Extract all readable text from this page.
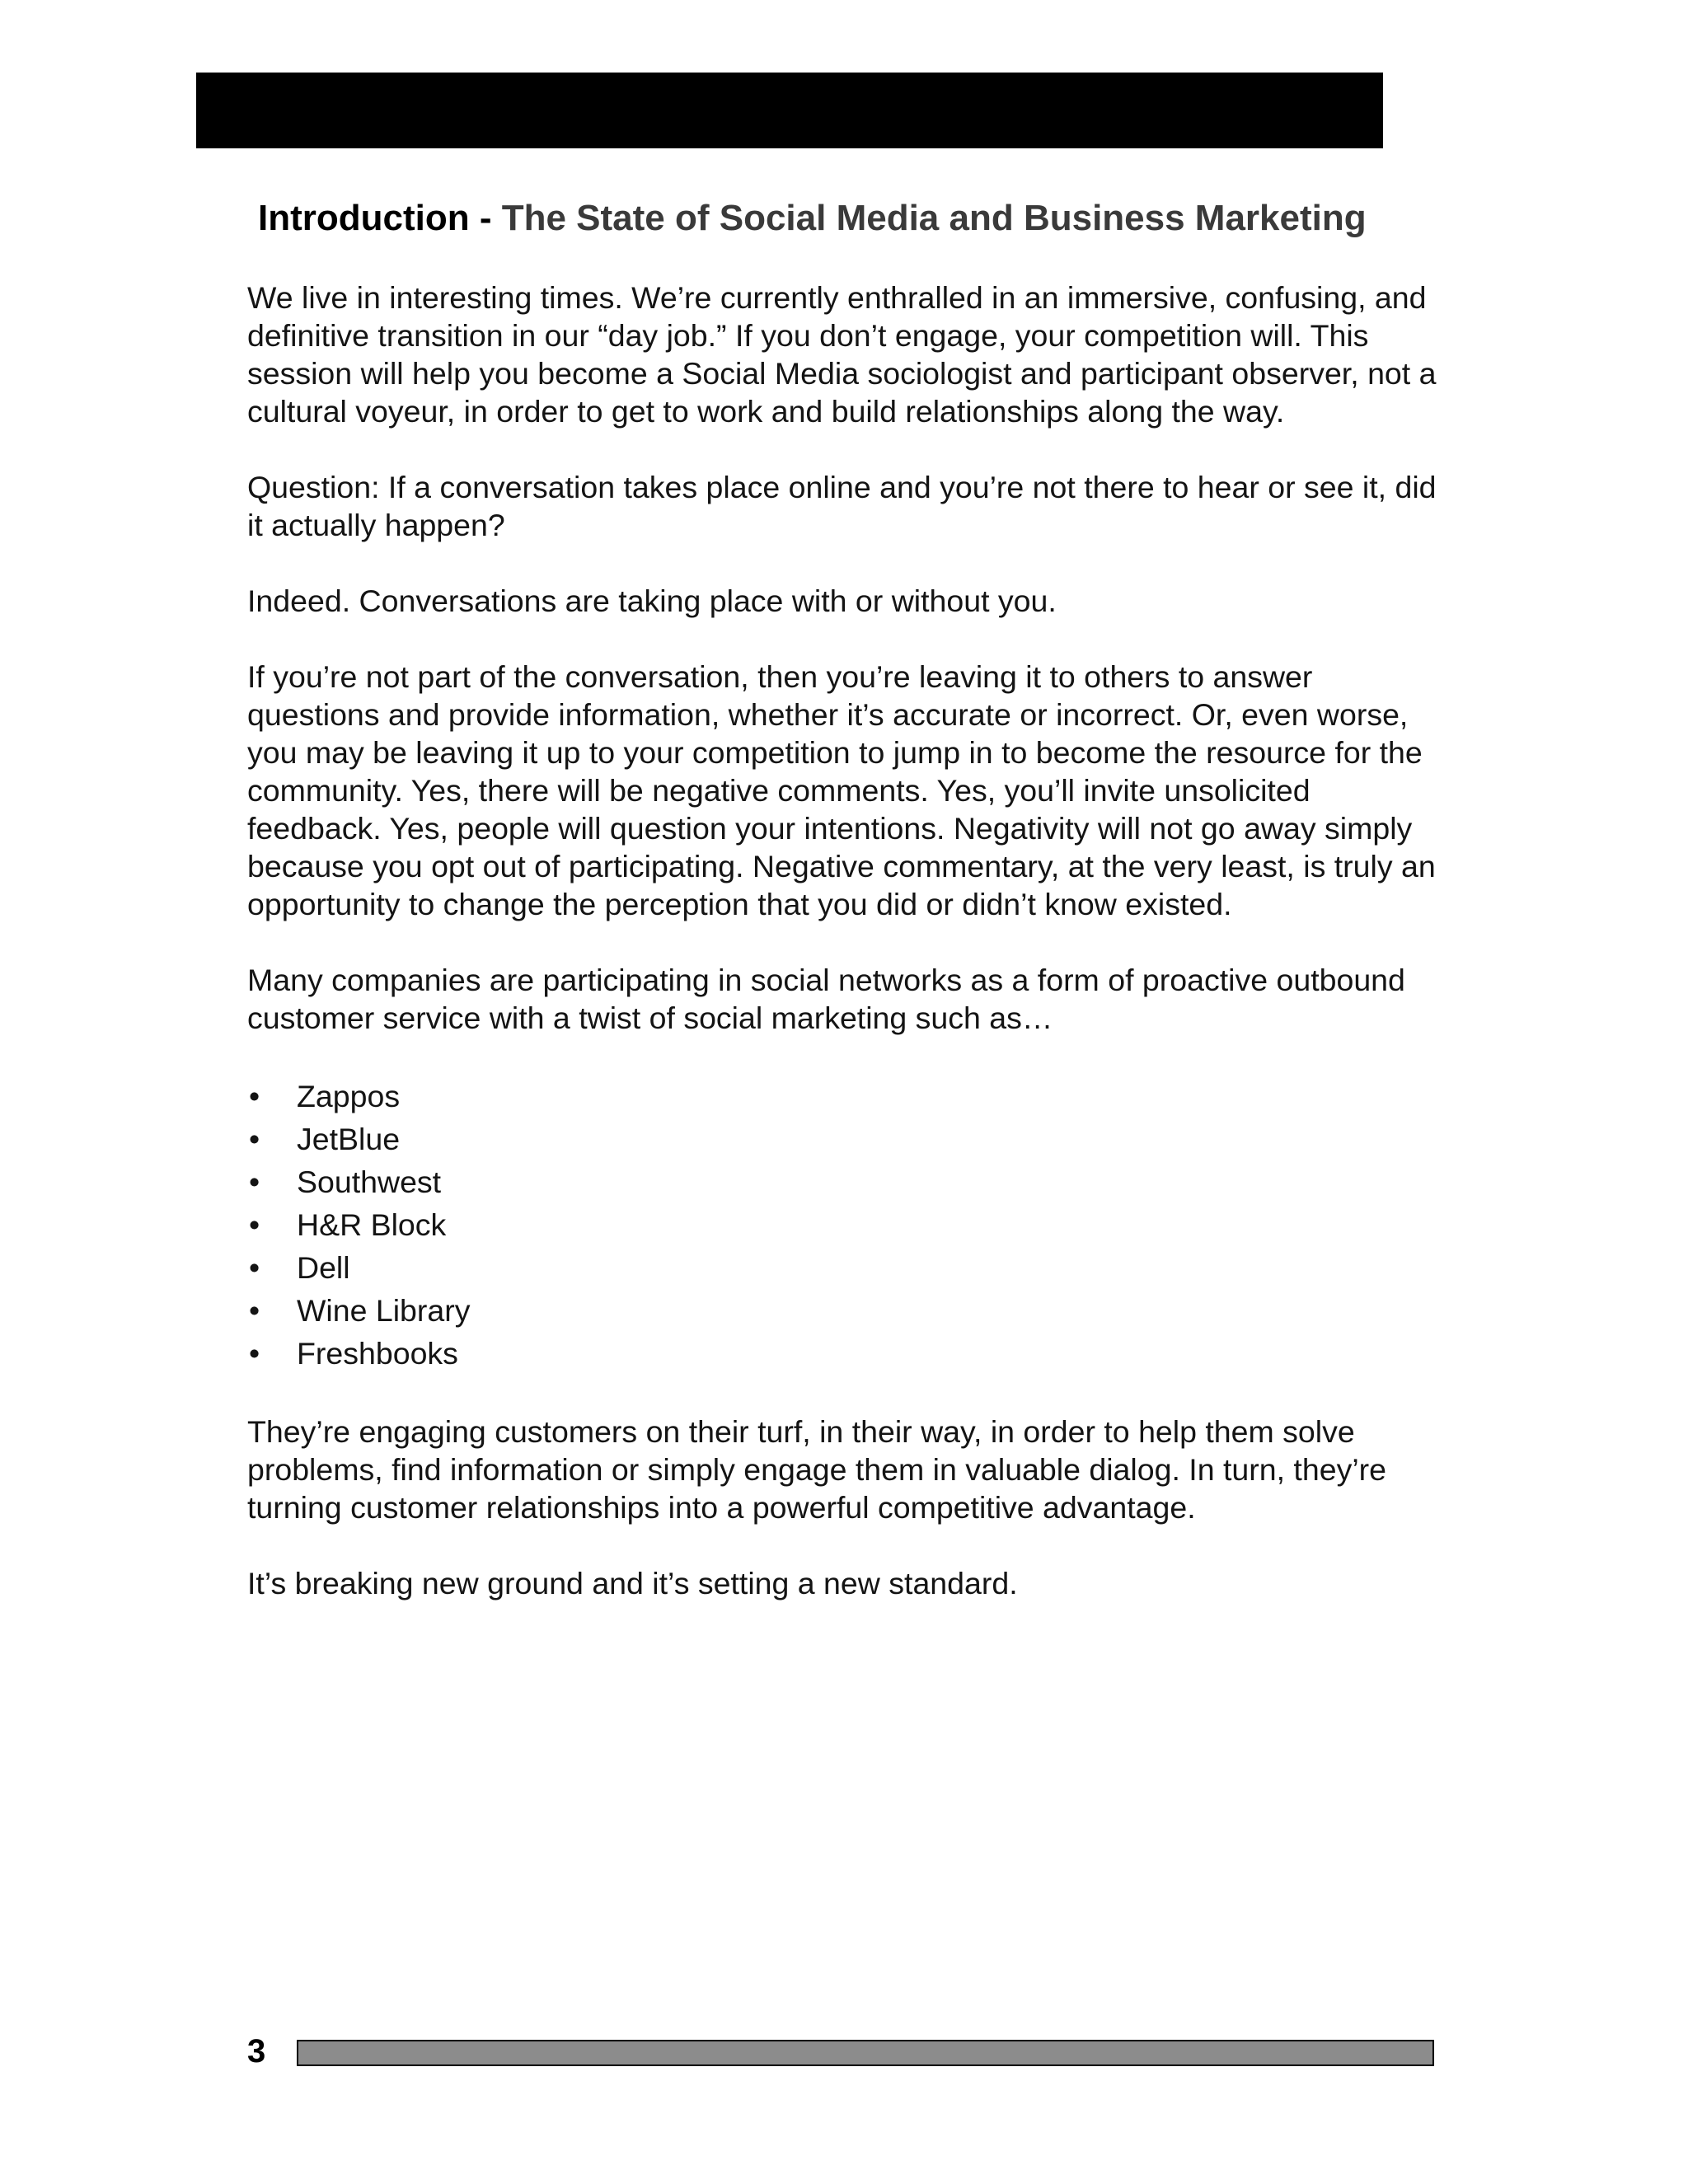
Introduction - The State of Social Media and Business Marketing

We live in interesting times. We’re currently enthralled in an immersive, confusing, and definitive transition in our “day job.” If you don’t engage, your competition will. This session will help you become a Social Media sociologist and participant observer, not a cultural voyeur, in order to get to work and build relationships along the way.

Question: If a conversation takes place online and you’re not there to hear or see it, did it actually happen?

Indeed. Conversations are taking place with or without you.

If you’re not part of the conversation, then you’re leaving it to others to answer questions and provide information, whether it’s accurate or incorrect. Or, even worse, you may be leaving it up to your competition to jump in to become the resource for the community. Yes, there will be negative comments. Yes, you’ll invite unsolicited feedback. Yes, people will question your intentions. Negativity will not go away simply because you opt out of participating. Negative commentary, at the very least, is truly an opportunity to change the perception that you did or didn’t know existed.

Many companies are participating in social networks as a form of proactive outbound customer service with a twist of social marketing such as…

•	Zappos
•	JetBlue
•	Southwest
•	H&R Block
•	Dell
•	Wine Library
•	Freshbooks

They’re engaging customers on their turf, in their way, in order to help them solve problems, find information or simply engage them in valuable dialog. In turn, they’re turning customer relationships into a powerful competitive advantage.

It’s breaking new ground and it’s setting a new standard.

3
